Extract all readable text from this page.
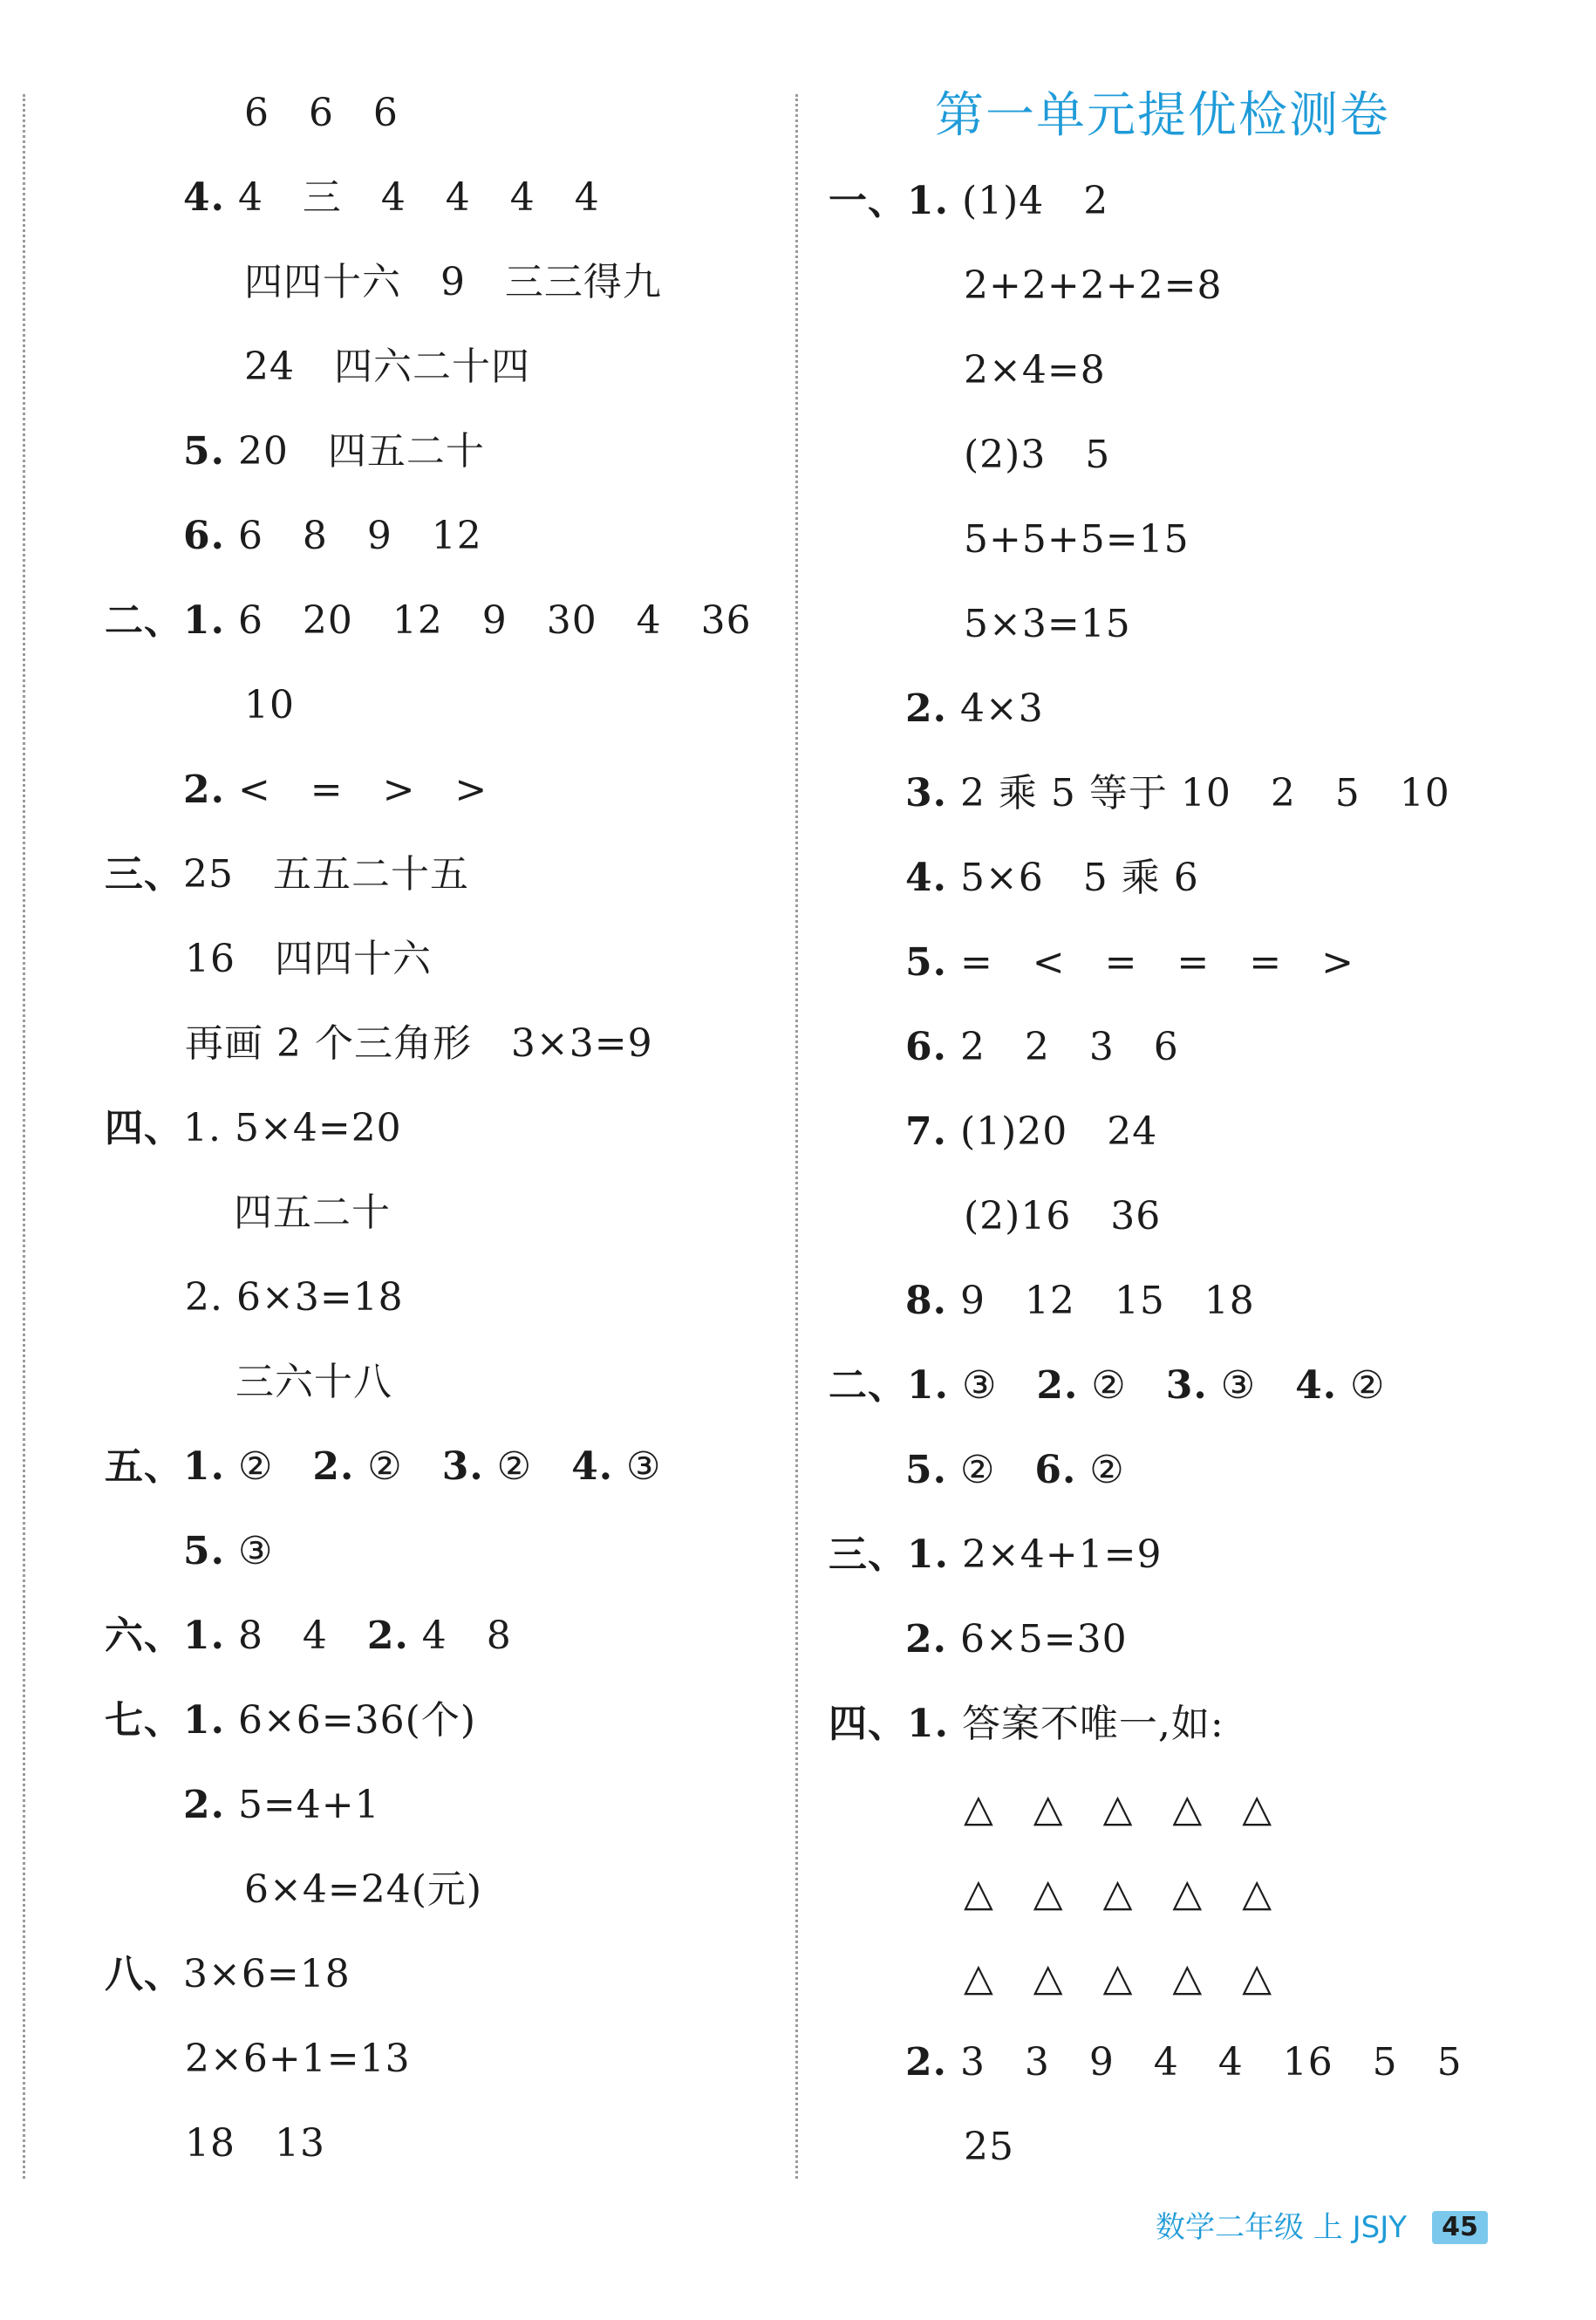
6   6   6
4. 4   三   4   4   4   4
四四十六   9   三三得九
24   四六二十四
5. 20   四五二十
6. 6   8   9   12
二、1. 6   20   12   9   30   4   36
10
2. <   =   >   >
三、25   五五二十五
16   四四十六
再画 2 个三角形   3×3=9
四、1. 5×4=20
四五二十
2. 6×3=18
三六十八
五、1. ② 2. ② 3. ② 4. ③
5. ③
六、1. 8   4 2. 4   8
七、1. 6×6=36(个)
2. 5=4+1
6×4=24(元)
八、3×6=18
2×6+1=13
18   13
第一单元提优检测卷
一、1. (1)4   2
2+2+2+2=8
2×4=8
(2)3   5
5+5+5=15
5×3=15
2. 4×3
3. 2 乘 5 等于 10   2   5   10
4. 5×6   5 乘 6
5. =   <   =   =   =   >
6. 2   2   3   6
7. (1)20   24
(2)16   36
8. 9   12   15   18
二、1. ③ 2. ② 3. ③ 4. ②
5. ② 6. ②
三、1. 2×4+1=9
2. 6×5=30
四、1. 答案不唯一,如:
△   △   △   △   △
△   △   △   △   △
△   △   △   △   △
2. 3   3   9   4   4   16   5   5
25
数学二年级 上 JSJY	45
